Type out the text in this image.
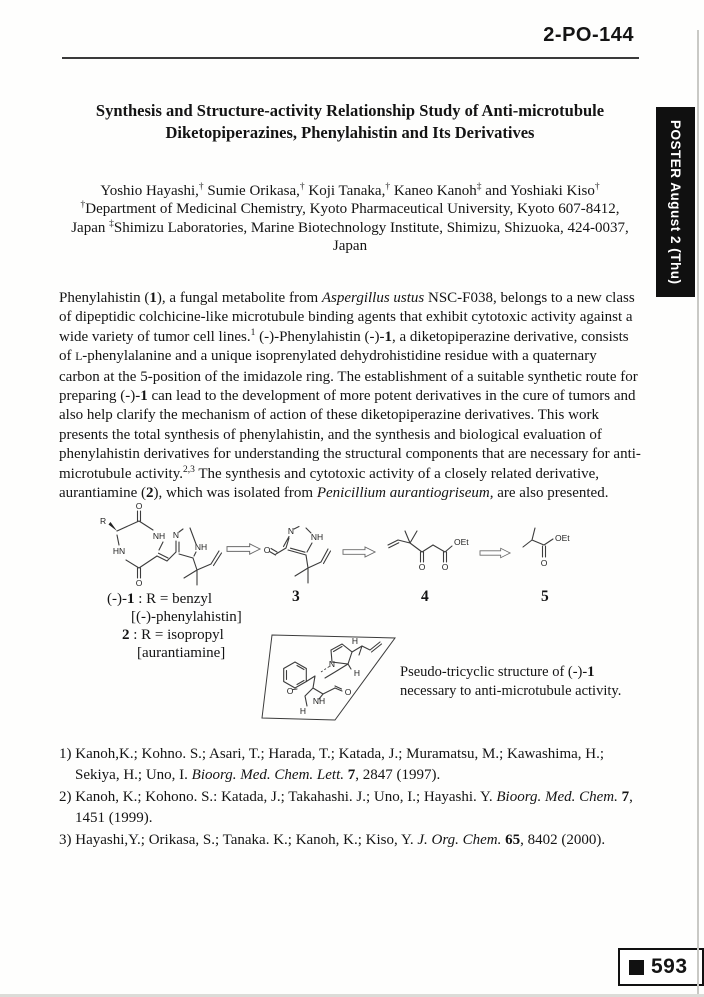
2-PO-144
POSTER August 2 (Thu)
Synthesis and Structure-activity Relationship Study of Anti-microtubule
Diketopiperazines, Phenylahistin and Its Derivatives
Yoshio Hayashi,† Sumie Orikasa,† Koji Tanaka,† Kaneo Kanoh‡ and Yoshiaki Kiso†
†Department of Medicinal Chemistry, Kyoto Pharmaceutical University, Kyoto 607-8412,
Japan ‡Shimizu Laboratories, Marine Biotechnology Institute, Shimizu, Shizuoka, 424-0037,
Japan
Phenylahistin (1), a fungal metabolite from Aspergillus ustus NSC-F038, belongs to a new class of dipeptidic colchicine-like microtubule binding agents that exhibit cytotoxic activity against a wide variety of tumor cell lines.$^1$ (-)-Phenylahistin (-)-1, a diketopiperazine derivative, consists of L-phenylalanine and a unique isoprenylated dehydrohistidine residue with a quaternary carbon at the 5-position of the imidazole ring. The establishment of a suitable synthetic route for preparing (-)-1 can lead to the development of more potent derivatives in the cure of tumors and also help clarify the mechanism of action of these diketopiperazine derivatives. This work presents the total synthesis of phenylahistin, and the synthesis and biological evaluation of phenylahistin derivatives for understanding the structural components that are necessary for anti-microtubule activity.$^{2,3}$ The synthesis and cytotoxic activity of a closely related derivative, aurantiamine (2), which was isolated from Penicillium aurantiogriseum, are also presented.
R
O
NH
HN
O
N
NH	O
N
NH
O O
OEt
O
OEt
(-)-1 : R = benzyl
[(-)-phenylahistin]
2 : R = isopropyl
[aurantiamine]
3	4	5
H
N
H
O
NH
H
O
Pseudo-tricyclic structure of (-)-1
necessary to anti-microtubule activity.
1) Kanoh,K.; Kohno. S.; Asari, T.; Harada, T.; Katada, J.; Muramatsu, M.; Kawashima, H.; Sekiya, H.; Uno, I. Bioorg. Med. Chem. Lett. 7, 2847 (1997).
2) Kanoh, K.; Kohono. S.: Katada, J.; Takahashi. J.; Uno, I.; Hayashi. Y. Bioorg. Med. Chem. 7, 1451 (1999).
3) Hayashi,Y.; Orikasa, S.; Tanaka. K.; Kanoh, K.; Kiso, Y. J. Org. Chem. 65, 8402 (2000).
593
